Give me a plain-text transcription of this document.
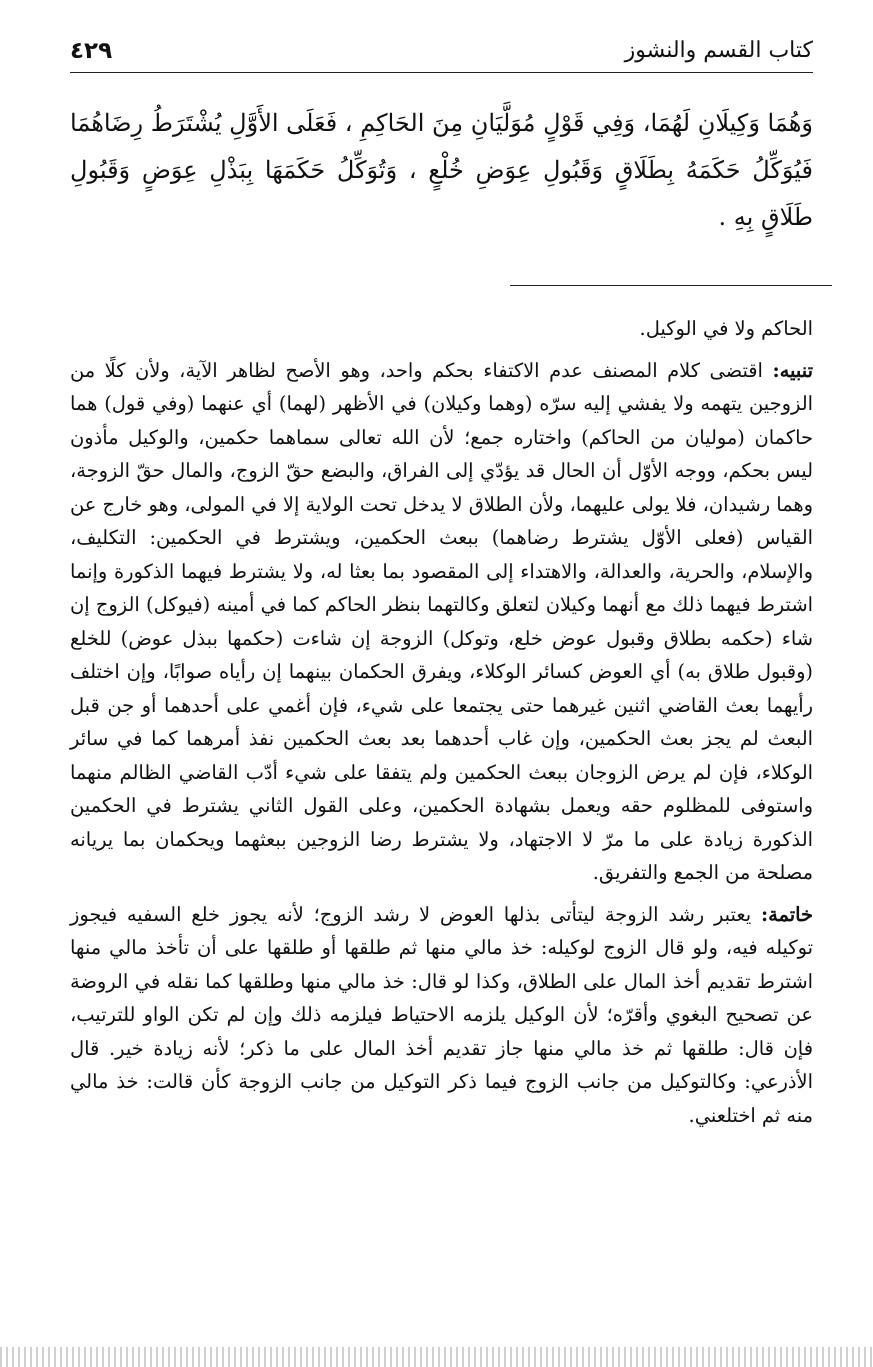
٤٢٩	كتاب القسم والنشوز
وَهُمَا وَكِيلَانِ لَهُمَا، وَفِي قَوْلٍ مُوَلَّيَانِ مِنَ الحَاكِمِ ، فَعَلَى الأَوَّلِ يُشْتَرَطُ رِضَاهُمَا فَيُوَكِّلُ حَكَمَهُ بِطَلَاقٍ وَقَبُولِ عِوَضِ خُلْعٍ ، وَتُوَكِّلُ حَكَمَهَا بِبَذْلِ عِوَضٍ وَقَبُولِ طَلَاقٍ بِهِ .

الحاكم ولا في الوكيل.

تنبيه: اقتضى كلام المصنف عدم الاكتفاء بحكم واحد، وهو الأصح لظاهر الآية، ولأن كلًا من الزوجين يتهمه ولا يفشي إليه سرّه (وهما وكيلان) في الأظهر (لهما) أي عنهما (وفي قول) هما حاكمان (موليان من الحاكم) واختاره جمع؛ لأن الله تعالى سماهما حكمين، والوكيل مأذون ليس بحكم، ووجه الأوّل أن الحال قد يؤدّي إلى الفراق، والبضع حقّ الزوج، والمال حقّ الزوجة، وهما رشيدان، فلا يولى عليهما، ولأن الطلاق لا يدخل تحت الولاية إلا في المولى، وهو خارج عن القياس (فعلى الأوّل يشترط رضاهما) ببعث الحكمين، ويشترط في الحكمين: التكليف، والإسلام، والحرية، والعدالة، والاهتداء إلى المقصود بما بعثا له، ولا يشترط فيهما الذكورة وإنما اشترط فيهما ذلك مع أنهما وكيلان لتعلق وكالتهما بنظر الحاكم كما في أمينه (فيوكل) الزوج إن شاء (حكمه بطلاق وقبول عوض خلع، وتوكل) الزوجة إن شاءت (حكمها ببذل عوض) للخلع (وقبول طلاق به) أي العوض كسائر الوكلاء، ويفرق الحكمان بينهما إن رأياه صوابًا، وإن اختلف رأيهما بعث القاضي اثنين غيرهما حتى يجتمعا على شيء، فإن أغمي على أحدهما أو جن قبل البعث لم يجز بعث الحكمين، وإن غاب أحدهما بعد بعث الحكمين نفذ أمرهما كما في سائر الوكلاء، فإن لم يرض الزوجان ببعث الحكمين ولم يتفقا على شيء أدّب القاضي الظالم منهما واستوفى للمظلوم حقه ويعمل بشهادة الحكمين، وعلى القول الثاني يشترط في الحكمين الذكورة زيادة على ما مرّ لا الاجتهاد، ولا يشترط رضا الزوجين ببعثهما ويحكمان بما يريانه مصلحة من الجمع والتفريق.

خاتمة: يعتبر رشد الزوجة ليتأتى بذلها العوض لا رشد الزوج؛ لأنه يجوز خلع السفيه فيجوز توكيله فيه، ولو قال الزوج لوكيله: خذ مالي منها ثم طلقها أو طلقها على أن تأخذ مالي منها اشترط تقديم أخذ المال على الطلاق، وكذا لو قال: خذ مالي منها وطلقها كما نقله في الروضة عن تصحيح البغوي وأقرّه؛ لأن الوكيل يلزمه الاحتياط فيلزمه ذلك وإن لم تكن الواو للترتيب، فإن قال: طلقها ثم خذ مالي منها جاز تقديم أخذ المال على ما ذكر؛ لأنه زيادة خير. قال الأذرعي: وكالتوكيل من جانب الزوج فيما ذكر التوكيل من جانب الزوجة كأن قالت: خذ مالي منه ثم اختلعني.
